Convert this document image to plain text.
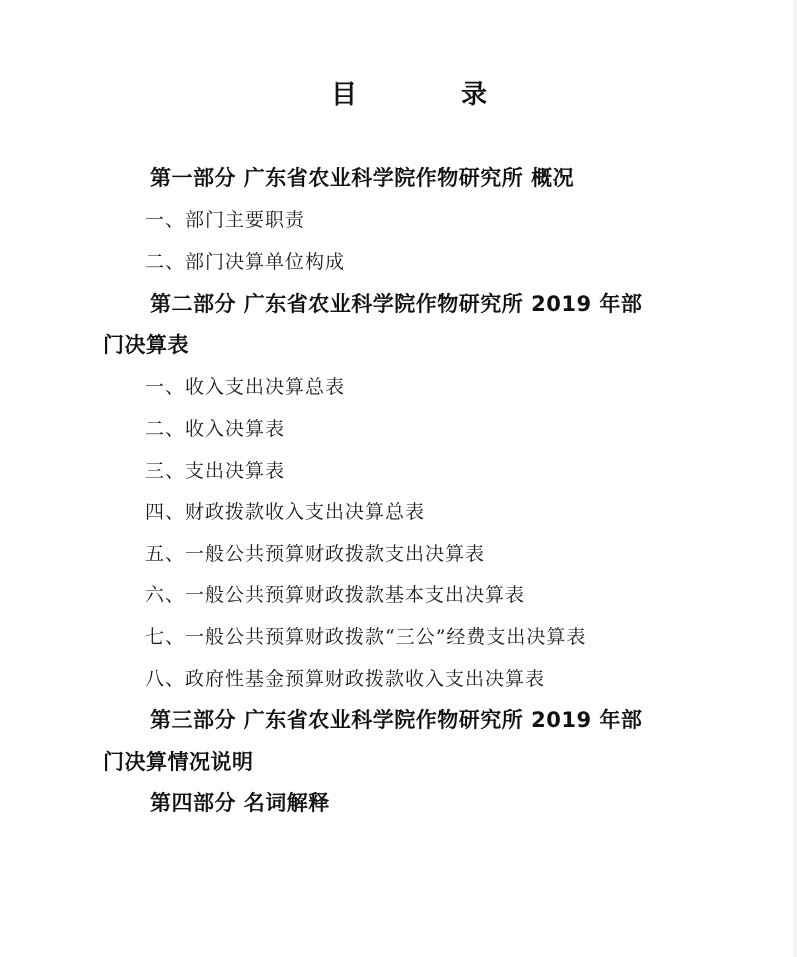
目	录
第一部分 广东省农业科学院作物研究所 概况
一、部门主要职责
二、部门决算单位构成
第二部分 广东省农业科学院作物研究所 2019 年部
门决算表
一、收入支出决算总表
二、收入决算表
三、支出决算表
四、财政拨款收入支出决算总表
五、一般公共预算财政拨款支出决算表
六、一般公共预算财政拨款基本支出决算表
七、一般公共预算财政拨款“三公”经费支出决算表
八、政府性基金预算财政拨款收入支出决算表
第三部分 广东省农业科学院作物研究所 2019 年部
门决算情况说明
第四部分 名词解释
